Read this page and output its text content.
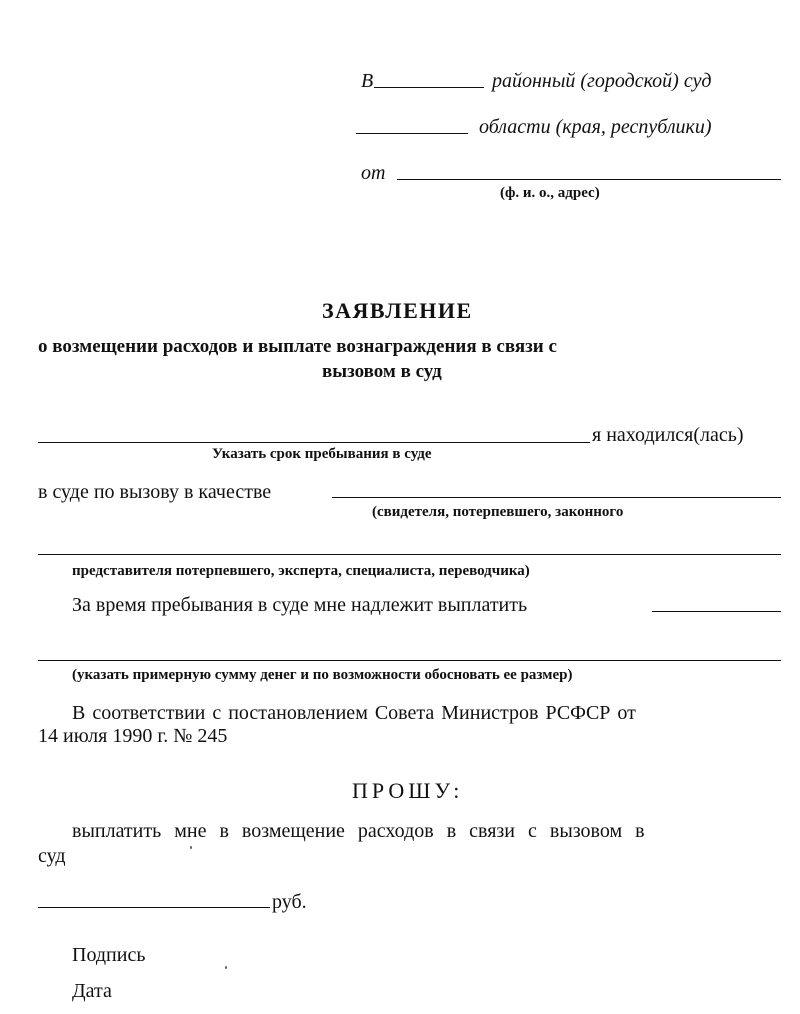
В	районный (городской) суд
области (края, республики)
от
(ф. и. о., адрес)
ЗАЯВЛЕНИЕ
о возмещении расходов и выплате вознаграждения в связи с
вызовом в суд
я находился(лась)
Указать срок пребывания в суде
в суде по вызову в качестве
(свидетеля, потерпевшего, законного
представителя потерпевшего, эксперта, специалиста, переводчика)
За время пребывания в суде мне надлежит выплатить
(указать примерную сумму денег и по возможности обосновать ее размер)
В соответствии с постановлением Совета Министров РСФСР от
14 июля 1990 г. № 245
ПРОШУ:
выплатить мне в возмещение расходов в связи с вызовом в
суд
руб.
Подпись
Дата
